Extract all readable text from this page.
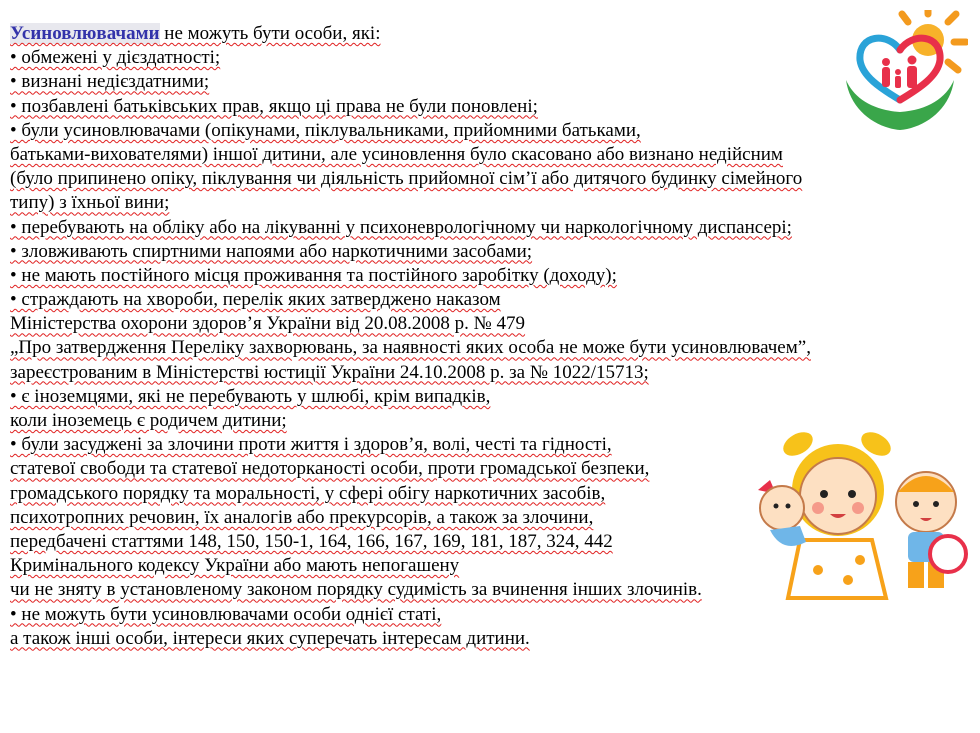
Усиновлювачами не можуть бути особи, які:
• обмежені у дієздатності;
• визнані недієздатними;
• позбавлені батьківських прав, якщо ці права не були поновлені;
• були усиновлювачами (опікунами, піклувальниками, прийомними батьками,
батьками-вихователями) іншої дитини, але усиновлення було скасовано або визнано недійсним
(було припинено опіку, піклування чи діяльність прийомної сім’ї або дитячого будинку сімейного
типу) з їхньої вини;
• перебувають на обліку або на лікуванні у психоневрологічному чи наркологічному диспансері;
• зловживають спиртними напоями або наркотичними засобами;
• не мають постійного місця проживання та постійного заробітку (доходу);
• страждають на хвороби, перелік яких затверджено наказом
Міністерства охорони здоров’я України від 20.08.2008 р. № 479
„Про затвердження Переліку захворювань, за наявності яких особа не може бути усиновлювачем”,
зареєстрованим в Міністерстві юстиції України 24.10.2008 р. за № 1022/15713;
• є іноземцями, які не перебувають у шлюбі, крім випадків,
коли іноземець є родичем дитини;
• були засуджені за злочини проти життя і здоров’я, волі, честі та гідності,
статевої свободи та статевої недоторканості особи, проти громадської безпеки,
громадського порядку та моральності, у сфері обігу наркотичних засобів,
психотропних речовин, їх аналогів або прекурсорів, а також за злочини,
передбачені статтями 148, 150, 150-1, 164, 166, 167, 169, 181, 187, 324, 442
Кримінального кодексу України або мають непогашену
чи не зняту в установленому законом порядку судимість за вчинення інших злочинів.
• не можуть бути усиновлювачами особи однієї статі,
а також інші особи, інтереси яких суперечать інтересам дитини.
